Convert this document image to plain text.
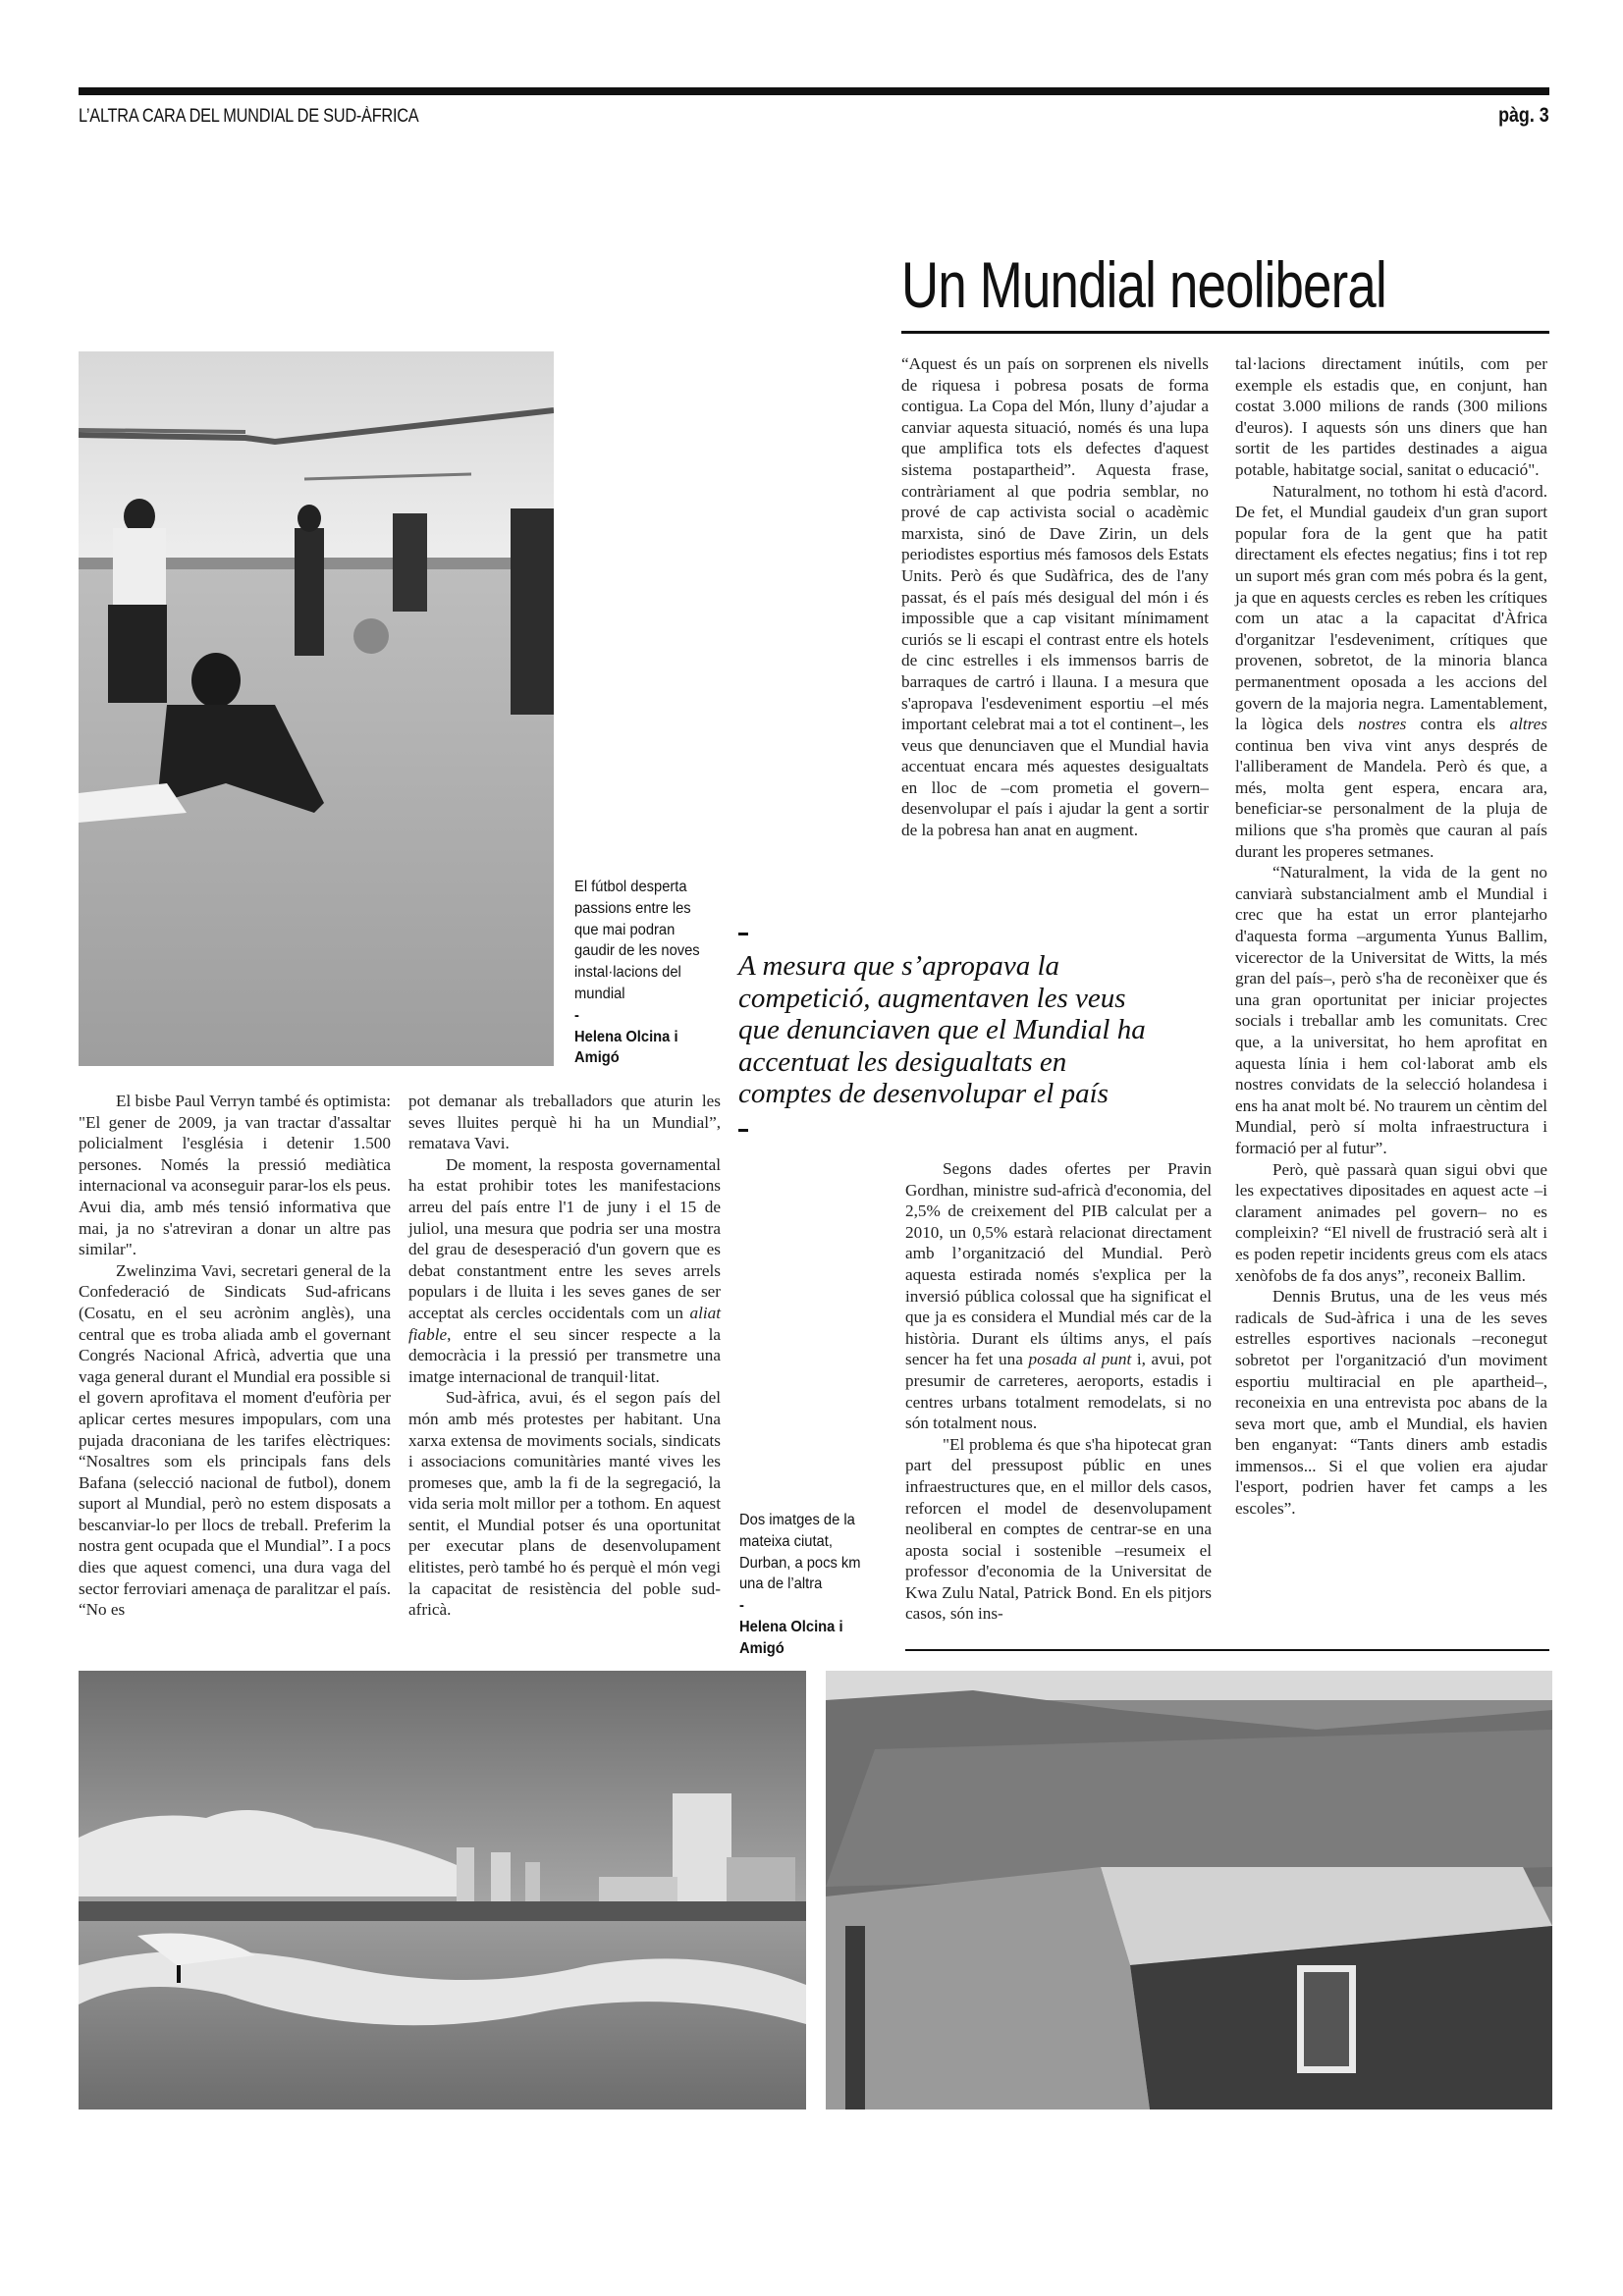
L’ALTRA CARA DEL MUNDIAL DE SUD-ÀFRICA	pàg. 3
Un Mundial neoliberal
El fútbol desperta passions entre les que mai podran gaudir de les noves instal·lacions del mundial
-
Helena Olcina i Amigó

“Aquest és un país on sorprenen els nivells de riquesa i pobresa posats de forma contigua. La Copa del Món, lluny d’ajudar a canviar aquesta situació, només és una lupa que amplifica tots els defectes d'aquest sistema postapartheid”. Aquesta frase, contràriament al que podria semblar, no prové de cap activista social o acadèmic marxista, sinó de Dave Zirin, un dels periodistes esportius més famosos dels Estats Units. Però és que Sudàfrica, des de l'any passat, és el país més desigual del món i és impossible que a cap visitant mínimament curiós se li escapi el contrast entre els hotels de cinc estrelles i els immensos barris de barraques de cartró i llauna. I a mesura que s'apropava l'esdeveniment esportiu –el més important celebrat mai a tot el continent–, les veus que denunciaven que el Mundial havia accentuat encara més aquestes desigualtats en lloc de –com prometia el govern– desenvolupar el país i ajudar la gent a sortir de la pobresa han anat en augment.

tal·lacions directament inútils, com per exemple els estadis que, en conjunt, han costat 3.000 milions de rands (300 milions d'euros). I aquests són uns diners que han sortit de les partides destinades a aigua potable, habitatge social, sanitat o educació".

Naturalment, no tothom hi està d'acord. De fet, el Mundial gaudeix d'un gran suport popular fora de la gent que ha patit directament els efectes negatius; fins i tot rep un suport més gran com més pobra és la gent, ja que en aquests cercles es reben les crítiques com un atac a la capacitat d'Àfrica d'organitzar l'esdeveniment, crítiques que provenen, sobretot, de la minoria blanca permanentment oposada a les accions del govern de la majoria negra. Lamentablement, la lògica dels nostres contra els altres continua ben viva vint anys després de l'alliberament de Mandela. Però és que, a més, molta gent espera, encara ara, beneficiar-se personalment de la pluja de milions que s'ha promès que cauran al país durant les properes setmanes.

“Naturalment, la vida de la gent no canviarà substancialment amb el Mundial i crec que ha estat un error plantejarho d'aquesta forma –argumenta Yunus Ballim, vicerector de la Universitat de Witts, la més gran del país–, però s'ha de reconèixer que és una gran oportunitat per iniciar projectes socials i treballar amb les comunitats. Crec que, a la universitat, ho hem aprofitat en aquesta línia i hem col·laborat amb els nostres convidats de la selecció holandesa i ens ha anat molt bé. No traurem un cèntim del Mundial, però sí molta infraestructura i formació per al futur”.

Però, què passarà quan sigui obvi que les expectatives dipositades en aquest acte –i clarament animades pel govern– no es compleixin? “El nivell de frustració serà alt i es poden repetir incidents greus com els atacs xenòfobs de fa dos anys”, reconeix Ballim.

Dennis Brutus, una de les veus més radicals de Sud-àfrica i una de les seves estrelles esportives nacionals –reconegut sobretot per l'organització d'un moviment esportiu multiracial en ple apartheid–, reconeixia en una entrevista poc abans de la seva mort que, amb el Mundial, els havien ben enganyat: “Tants diners amb estadis immensos... Si el que volien era ajudar l'esport, podrien haver fet camps a les escoles”.

A mesura que s’apropava la competició, augmentaven les veus que denunciaven que el Mundial ha accentuat les desigualtats en comptes de desenvolupar el país

El bisbe Paul Verryn també és optimista: "El gener de 2009, ja van tractar d'assaltar policialment l'església i detenir 1.500 persones. Només la pressió mediàtica internacional va aconseguir parar-los els peus. Avui dia, amb més tensió informativa que mai, ja no s'atreviran a donar un altre pas similar".

Zwelinzima Vavi, secretari general de la Confederació de Sindicats Sud-africans (Cosatu, en el seu acrònim anglès), una central que es troba aliada amb el governant Congrés Nacional Africà, advertia que una vaga general durant el Mundial era possible si el govern aprofitava el moment d'eufòria per aplicar certes mesures impopulars, com una pujada draconiana de les tarifes elèctriques: “Nosaltres som els principals fans dels Bafana (selecció nacional de futbol), donem suport al Mundial, però no estem disposats a bescanviar-lo per llocs de treball. Preferim la nostra gent ocupada que el Mundial”. I a pocs dies que aquest comenci, una dura vaga del sector ferroviari amenaça de paralitzar el país. “No es

pot demanar als treballadors que aturin les seves lluites perquè hi ha un Mundial”, rematava Vavi.

De moment, la resposta governamental ha estat prohibir totes les manifestacions arreu del país entre l'1 de juny i el 15 de juliol, una mesura que podria ser una mostra del grau de desesperació d'un govern que es debat constantment entre les seves arrels populars i de lluita i les seves ganes de ser acceptat als cercles occidentals com un aliat fiable, entre el seu sincer respecte a la democràcia i la pressió per transmetre una imatge internacional de tranquil·litat.

Sud-àfrica, avui, és el segon país del món amb més protestes per habitant. Una xarxa extensa de moviments socials, sindicats i associacions comunitàries manté vives les promeses que, amb la fi de la segregació, la vida seria molt millor per a tothom. En aquest sentit, el Mundial potser és una oportunitat per executar plans de desenvolupament elitistes, però també ho és perquè el món vegi la capacitat de resistència del poble sud-africà.

Dos imatges de la mateixa ciutat, Durban, a pocs km una de l’altra
-
Helena Olcina i Amigó

Segons dades ofertes per Pravin Gordhan, ministre sud-africà d'economia, del 2,5% de creixement del PIB calculat per a 2010, un 0,5% estarà relacionat directament amb l’organització del Mundial. Però aquesta estirada només s'explica per la inversió pública colossal que ha significat el que ja es considera el Mundial més car de la història. Durant els últims anys, el país sencer ha fet una posada al punt i, avui, pot presumir de carreteres, aeroports, estadis i centres urbans totalment remodelats, si no són totalment nous.

"El problema és que s'ha hipotecat gran part del pressupost públic en unes infraestructures que, en el millor dels casos, reforcen el model de desenvolupament neoliberal en comptes de centrar-se en una aposta social i sostenible –resumeix el professor d'economia de la Universitat de Kwa Zulu Natal, Patrick Bond. En els pitjors casos, són ins-
